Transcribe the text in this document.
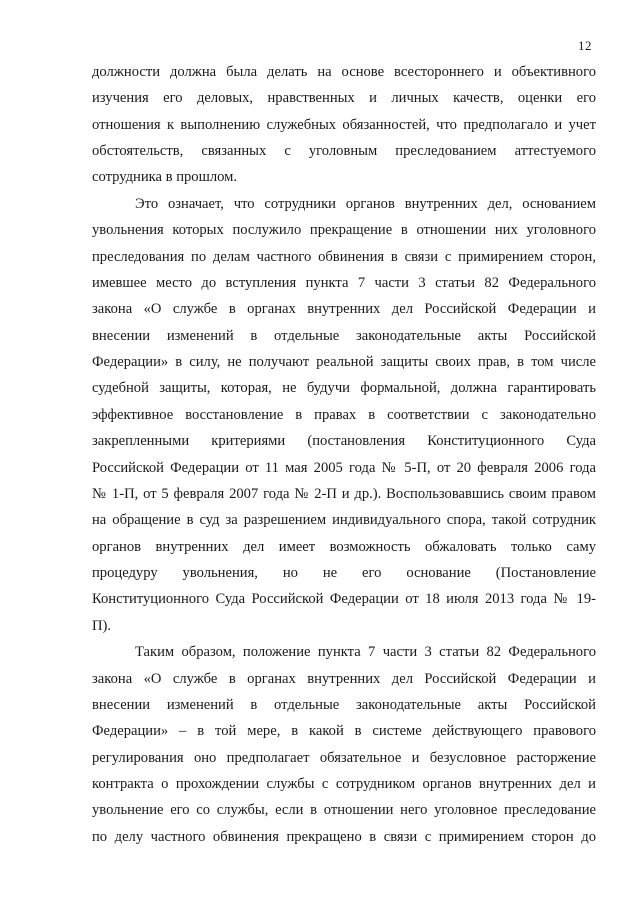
12
должности должна была делать на основе всестороннего и объективного
изучения его деловых, нравственных и личных качеств, оценки его
отношения к выполнению служебных обязанностей, что предполагало и учет
обстоятельств, связанных с уголовным преследованием аттестуемого
сотрудника в прошлом.
Это означает, что сотрудники органов внутренних дел, основанием
увольнения которых послужило прекращение в отношении них уголовного
преследования по делам частного обвинения в связи с примирением сторон,
имевшее место до вступления пункта 7 части 3 статьи 82 Федерального
закона «О службе в органах внутренних дел Российской Федерации и
внесении изменений в отдельные законодательные акты Российской
Федерации» в силу, не получают реальной защиты своих прав, в том числе
судебной защиты, которая, не будучи формальной, должна гарантировать
эффективное восстановление в правах в соответствии с законодательно
закрепленными критериями (постановления Конституционного Суда
Российской Федерации от 11 мая 2005 года № 5-П, от 20 февраля 2006 года
№ 1-П, от 5 февраля 2007 года № 2-П и др.). Воспользовавшись своим правом
на обращение в суд за разрешением индивидуального спора, такой сотрудник
органов внутренних дел имеет возможность обжаловать только саму
процедуру увольнения, но не его основание (Постановление
Конституционного Суда Российской Федерации от 18 июля 2013 года № 19-
П).
Таким образом, положение пункта 7 части 3 статьи 82 Федерального
закона «О службе в органах внутренних дел Российской Федерации и
внесении изменений в отдельные законодательные акты Российской
Федерации» – в той мере, в какой в системе действующего правового
регулирования оно предполагает обязательное и безусловное расторжение
контракта о прохождении службы с сотрудником органов внутренних дел и
увольнение его со службы, если в отношении него уголовное преследование
по делу частного обвинения прекращено в связи с примирением сторон до
